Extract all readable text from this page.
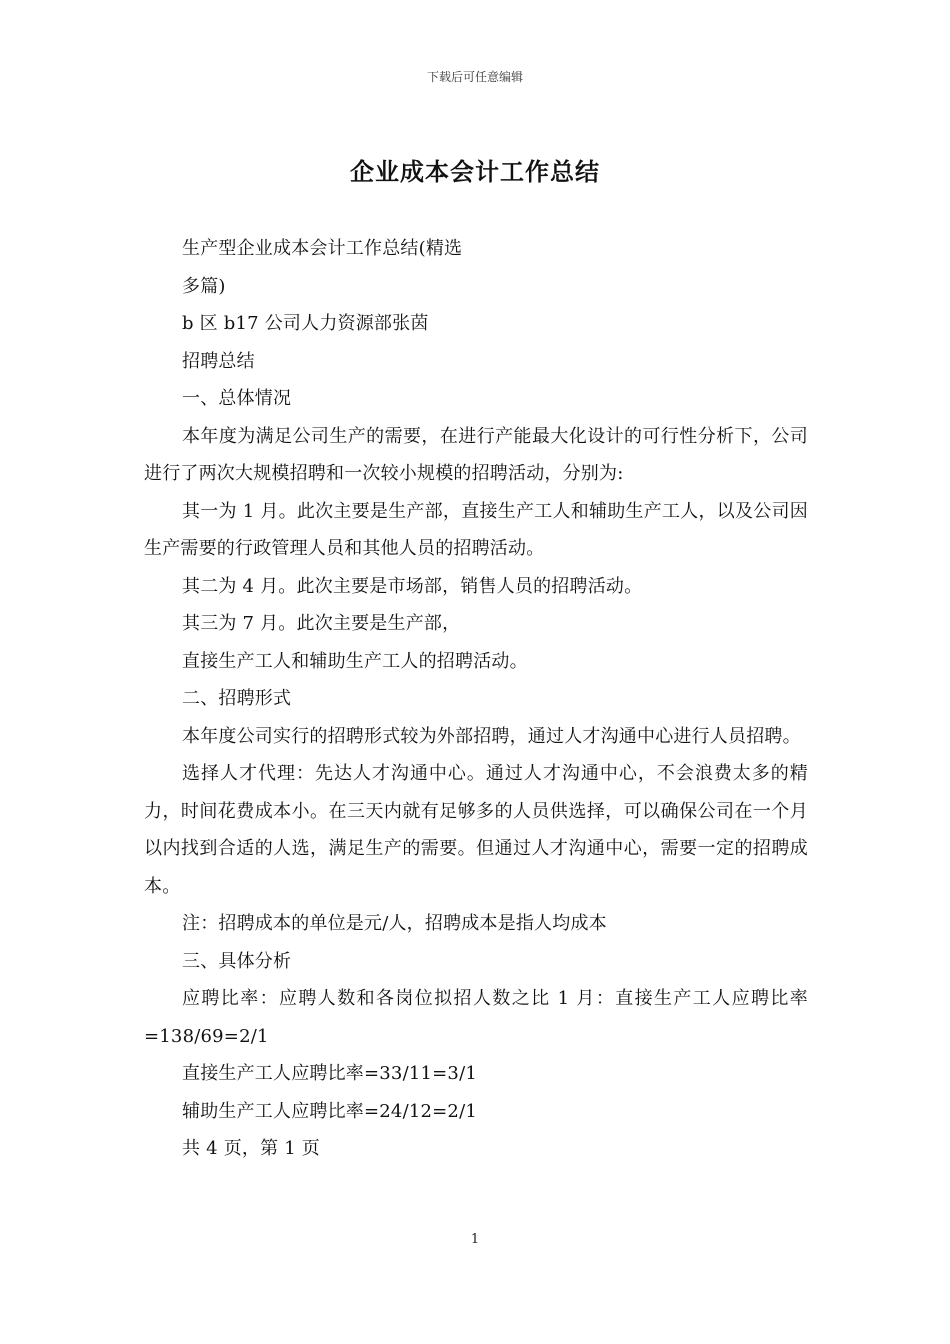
下载后可任意编辑
企业成本会计工作总结

生产型企业成本会计工作总结(精选

多篇)

b 区 b17 公司人力资源部张茵

招聘总结

一、总体情况

本年度为满足公司生产的需要，在进行产能最大化设计的可行性分析下，公司进行了两次大规模招聘和一次较小规模的招聘活动，分别为:

其一为 1 月。此次主要是生产部，直接生产工人和辅助生产工人，以及公司因生产需要的行政管理人员和其他人员的招聘活动。

其二为 4 月。此次主要是市场部，销售人员的招聘活动。

其三为 7 月。此次主要是生产部，

直接生产工人和辅助生产工人的招聘活动。

二、招聘形式

本年度公司实行的招聘形式较为外部招聘，通过人才沟通中心进行人员招聘。

选择人才代理：先达人才沟通中心。通过人才沟通中心，不会浪费太多的精力，时间花费成本小。在三天内就有足够多的人员供选择，可以确保公司在一个月以内找到合适的人选，满足生产的需要。但通过人才沟通中心，需要一定的招聘成本。

注：招聘成本的单位是元/人，招聘成本是指人均成本

三、具体分析

应聘比率：应聘人数和各岗位拟招人数之比 1 月：直接生产工人应聘比率=138/69=2/1

直接生产工人应聘比率=33/11=3/1

辅助生产工人应聘比率=24/12=2/1

共 4 页，第 1 页

1
